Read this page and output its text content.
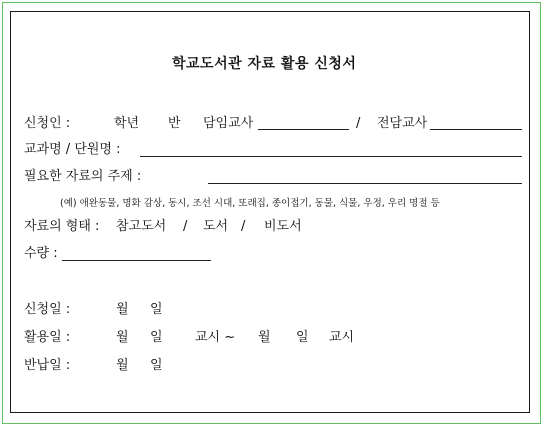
학교도서관 자료 활용 신청서
신청인 :	학년 반 담임교사	/ 전담교사
교과명 / 단원명 :
필요한 자료의 주제 :
(예) 애완동물, 명화 감상, 동시, 조선 시대, 또래집, 종이접기, 동물, 식물, 우정, 우리 명절 등
자료의 형태 : 참고도서 / 도서 / 비도서
수량 :
신청일 :	월 일
활용일 :	월 일 교시 ~ 월 일 교시
반납일 :	월 일
